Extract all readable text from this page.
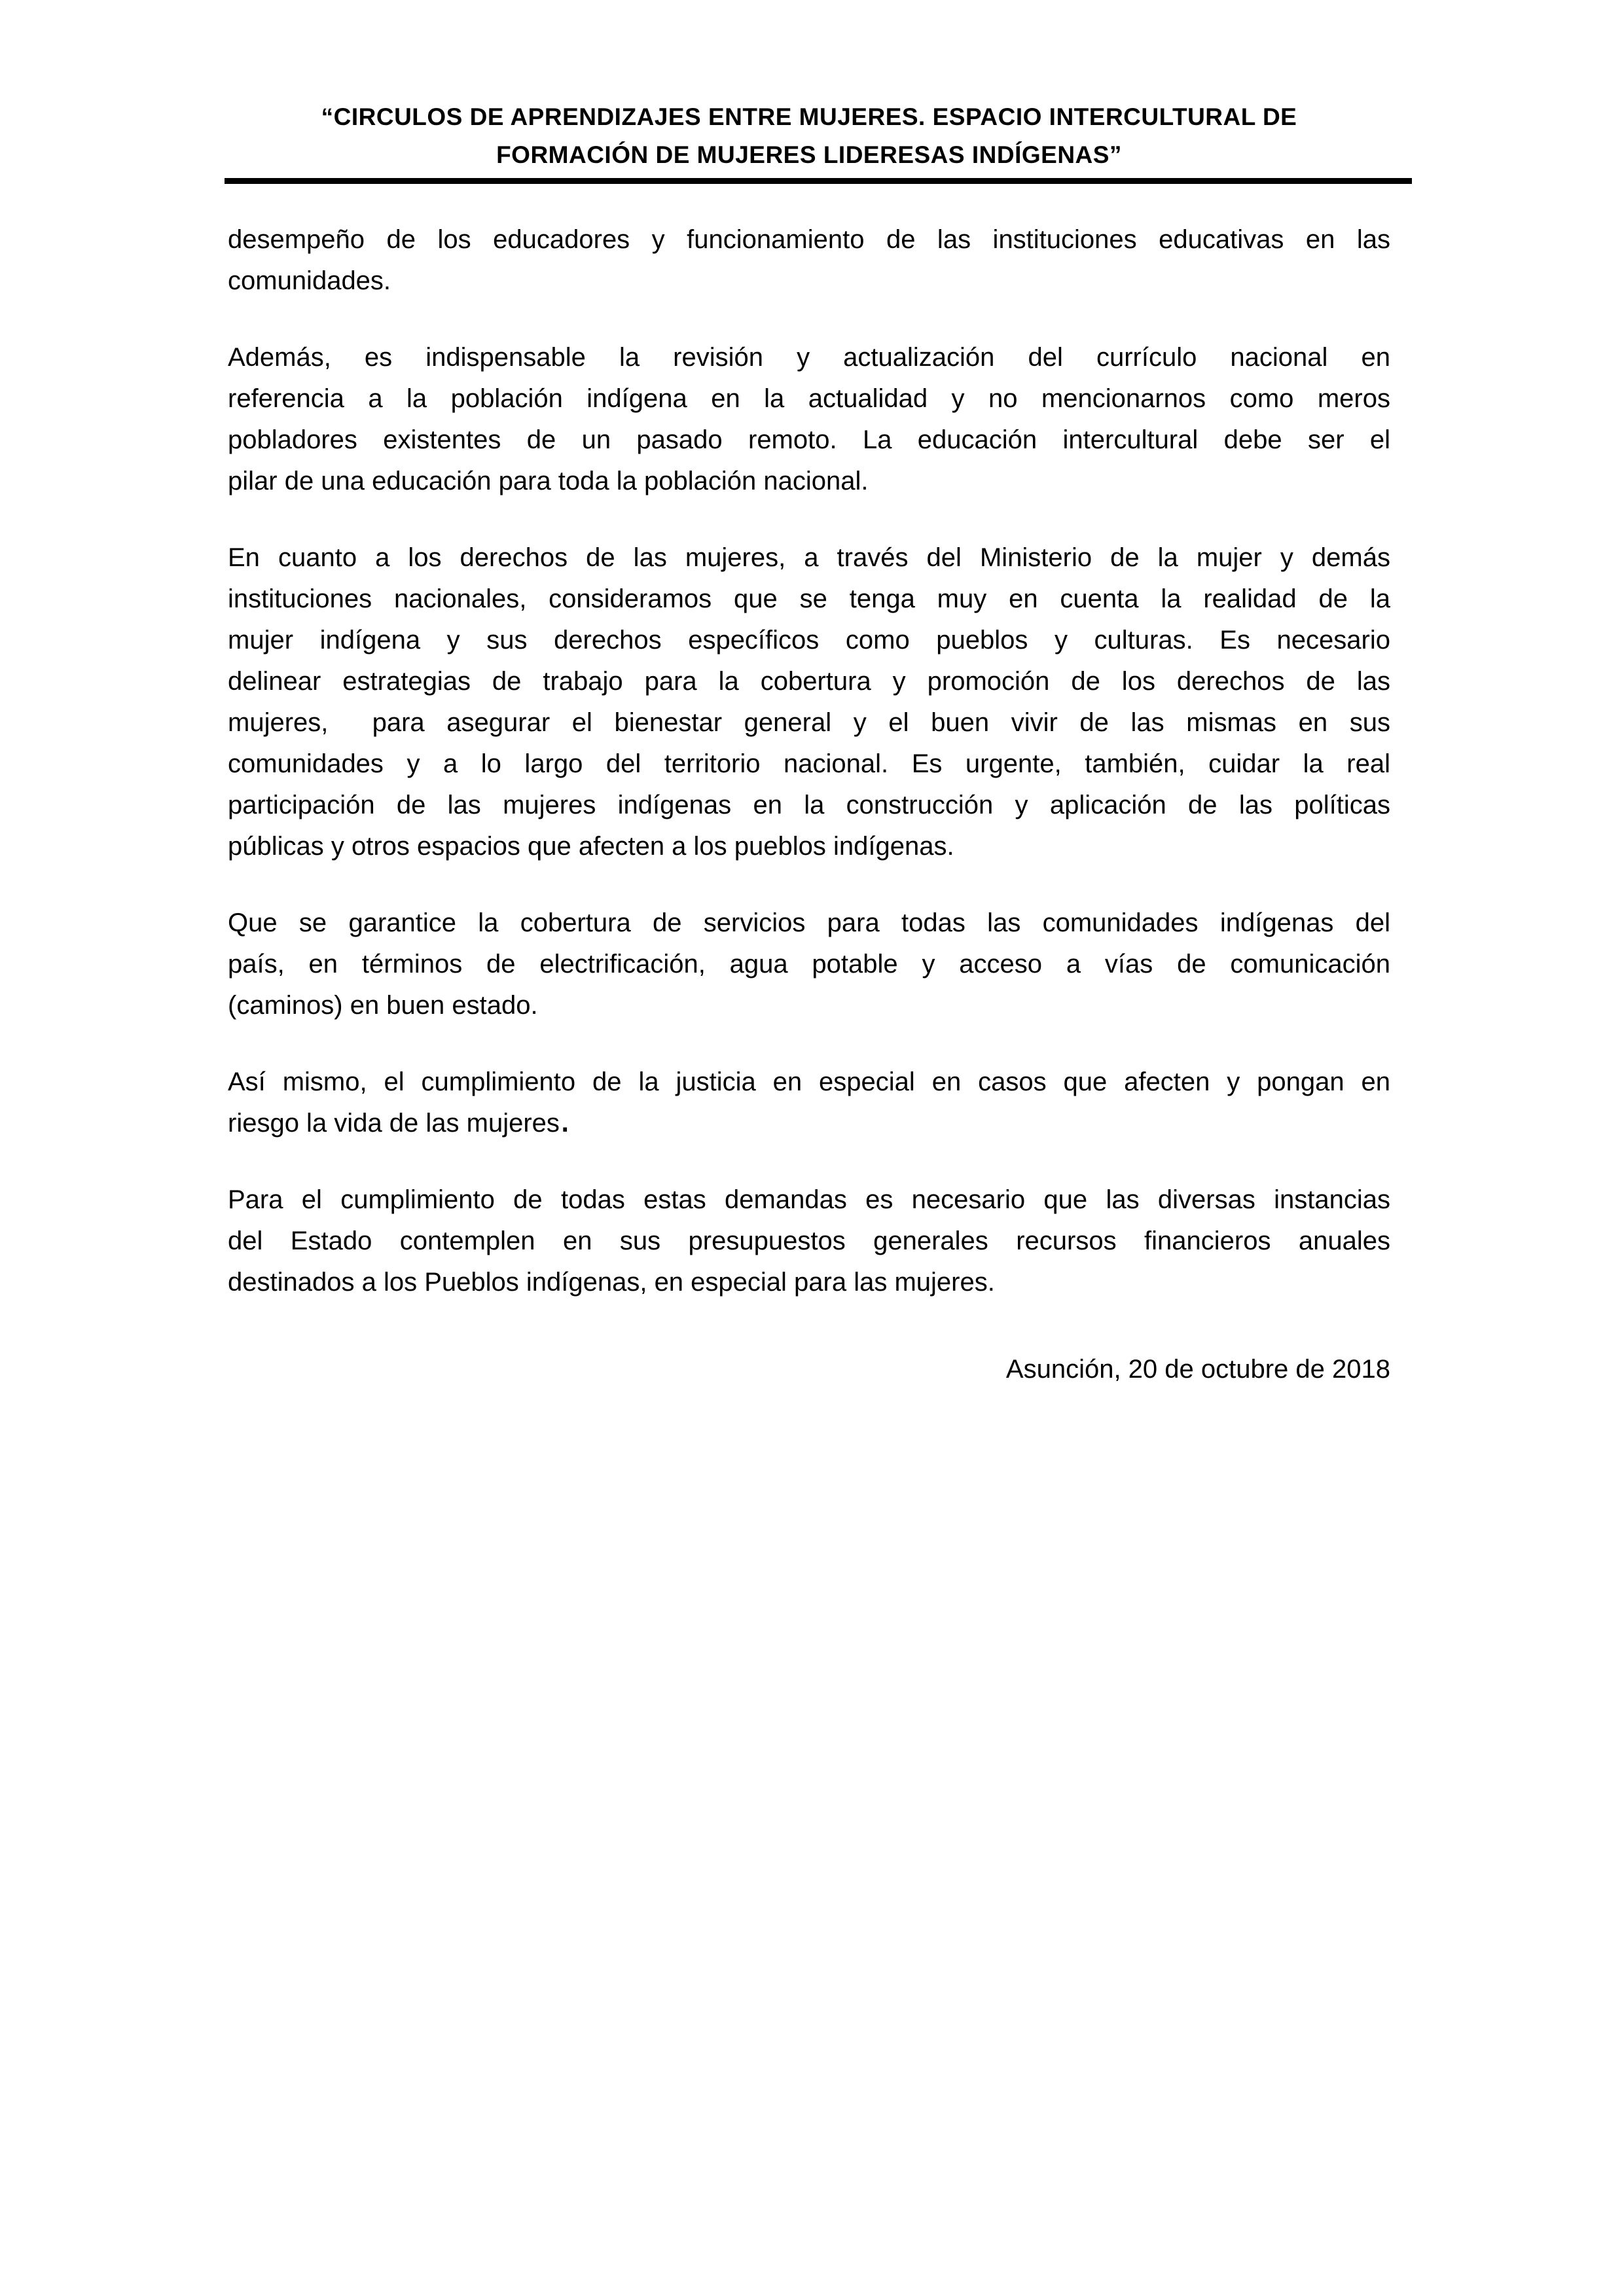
“CIRCULOS DE APRENDIZAJES ENTRE MUJERES. ESPACIO INTERCULTURAL DE
FORMACIÓN DE MUJERES LIDERESAS INDÍGENAS”
desempeño de los educadores y funcionamiento de las instituciones educativas en las
comunidades.
Además, es indispensable la revisión y actualización del currículo nacional en
referencia a la población indígena en la actualidad y no mencionarnos como meros
pobladores existentes de un pasado remoto. La educación intercultural debe ser el
pilar de una educación para toda la población nacional.
En cuanto a los derechos de las mujeres, a través del Ministerio de la mujer y demás
instituciones nacionales, consideramos que se tenga muy en cuenta la realidad de la
mujer indígena y sus derechos específicos como pueblos y culturas. Es necesario
delinear estrategias de trabajo para la cobertura y promoción de los derechos de las
mujeres,  para asegurar el bienestar general y el buen vivir de las mismas en sus
comunidades y a lo largo del territorio nacional. Es urgente, también, cuidar la real
participación de las mujeres indígenas en la construcción y aplicación de las políticas
públicas y otros espacios que afecten a los pueblos indígenas.
Que se garantice la cobertura de servicios para todas las comunidades indígenas del
país, en términos de electrificación, agua potable y acceso a vías de comunicación
(caminos) en buen estado.
Así mismo, el cumplimiento de la justicia en especial en casos que afecten y pongan en
riesgo la vida de las mujeres.
Para el cumplimiento de todas estas demandas es necesario que las diversas instancias
del Estado contemplen en sus presupuestos generales recursos financieros anuales
destinados a los Pueblos indígenas, en especial para las mujeres.
Asunción, 20 de octubre de 2018
